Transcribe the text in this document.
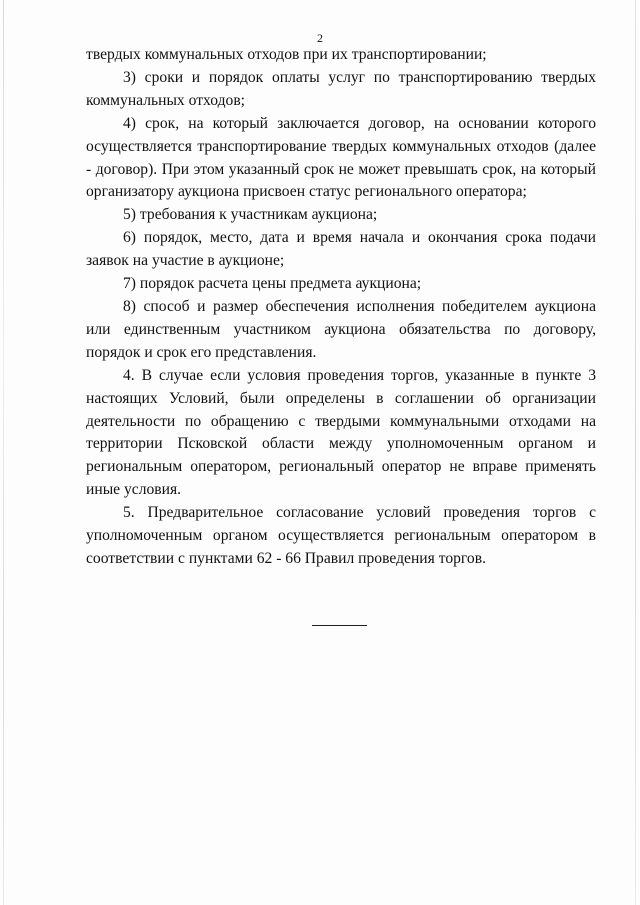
2

твердых коммунальных отходов при их транспортировании;

3) сроки и порядок оплаты услуг по транспортированию твердых коммунальных отходов;

4) срок, на который заключается договор, на основании которого осуществляется транспортирование твердых коммунальных отходов (далее - договор). При этом указанный срок не может превышать срок, на который организатору аукциона присвоен статус регионального оператора;

5) требования к участникам аукциона;

6) порядок, место, дата и время начала и окончания срока подачи заявок на участие в аукционе;

7) порядок расчета цены предмета аукциона;

8) способ и размер обеспечения исполнения победителем аукциона или единственным участником аукциона обязательства по договору, порядок и срок его представления.

4. В случае если условия проведения торгов, указанные в пункте 3 настоящих Условий, были определены в соглашении об организации деятельности по обращению с твердыми коммунальными отходами на территории Псковской области между уполномоченным органом и региональным оператором, региональный оператор не вправе применять иные условия.

5. Предварительное согласование условий проведения торгов с уполномоченным органом осуществляется региональным оператором в соответствии с пунктами 62 - 66 Правил проведения торгов.
